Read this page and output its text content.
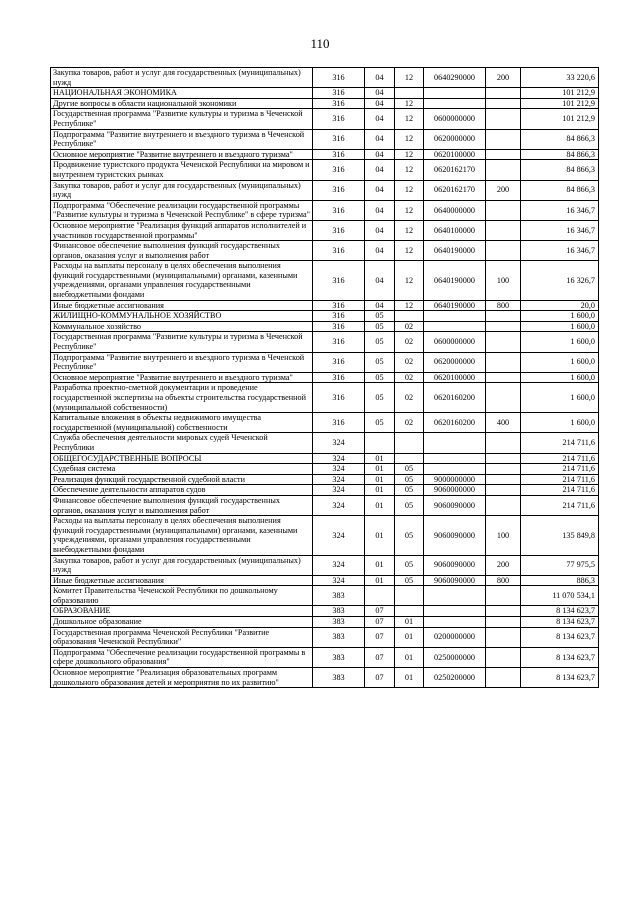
110
Закупка товаров, работ и услуг для государственных (муниципальных) нужд	316	04	12	0640290000	200	33 220,6
НАЦИОНАЛЬНАЯ ЭКОНОМИКА	316	04				101 212,9
Другие вопросы в области национальной экономики	316	04	12			101 212,9
Государственная программа "Развитие культуры и туризма в Чеченской Республике"	316	04	12	0600000000		101 212,9
Подпрограмма "Развитие внутреннего и въездного туризма в Чеченской Республике"	316	04	12	0620000000		84 866,3
Основное мероприятие "Развитие внутреннего и въездного туризма"	316	04	12	0620100000		84 866,3
Продвижение туристского продукта Чеченской Республики на мировом и внутреннем туристских рынках	316	04	12	0620162170		84 866,3
Закупка товаров, работ и услуг для государственных (муниципальных) нужд	316	04	12	0620162170	200	84 866,3
Подпрограмма "Обеспечение реализации государственной программы "Развитие культуры и туризма в Чеченской Республике" в сфере туризма"	316	04	12	0640000000		16 346,7
Основное мероприятие "Реализация функций аппаратов исполнителей и участников государственной программы"	316	04	12	0640100000		16 346,7
Финансовое обеспечение выполнения функций государственных органов, оказания услуг и выполнения работ	316	04	12	0640190000		16 346,7
Расходы на выплаты персоналу в целях обеспечения выполнения функций государственными (муниципальными) органами, казенными учреждениями, органами управления государственными внебюджетными фондами	316	04	12	0640190000	100	16 326,7
Иные бюджетные ассигнования	316	04	12	0640190000	800	20,0
ЖИЛИЩНО-КОММУНАЛЬНОЕ ХОЗЯЙСТВО	316	05				1 600,0
Коммунальное хозяйство	316	05	02			1 600,0
Государственная программа "Развитие культуры и туризма в Чеченской Республике"	316	05	02	0600000000		1 600,0
Подпрограмма "Развитие внутреннего и въездного туризма в Чеченской Республике"	316	05	02	0620000000		1 600,0
Основное мероприятие "Развитие внутреннего и въездного туризма"	316	05	02	0620100000		1 600,0
Разработка проектно-сметной документации и проведение государственной экспертизы на объекты строительства государственной (муниципальной собственности)	316	05	02	0620160200		1 600,0
Капитальные вложения в объекты недвижимого имущества государственной (муниципальной) собственности	316	05	02	0620160200	400	1 600,0
Служба обеспечения деятельности мировых судей Чеченской Республики	324					214 711,6
ОБЩЕГОСУДАРСТВЕННЫЕ ВОПРОСЫ	324	01				214 711,6
Судебная система	324	01	05			214 711,6
Реализация функций государственной судебной власти	324	01	05	9000000000		214 711,6
Обеспечение деятельности аппаратов судов	324	01	05	9060000000		214 711,6
Финансовое обеспечение выполнения функций государственных органов, оказания услуг и выполнения работ	324	01	05	9060090000		214 711,6
Расходы на выплаты персоналу в целях обеспечения выполнения функций государственными (муниципальными) органами, казенными учреждениями, органами управления государственными внебюджетными фондами	324	01	05	9060090000	100	135 849,8
Закупка товаров, работ и услуг для государственных (муниципальных) нужд	324	01	05	9060090000	200	77 975,5
Иные бюджетные ассигнования	324	01	05	9060090000	800	886,3
Комитет Правительства Чеченской Республики по дошкольному образованию	383					11 070 534,1
ОБРАЗОВАНИЕ	383	07				8 134 623,7
Дошкольное образование	383	07	01			8 134 623,7
Государственная программа Чеченской Республики "Развитие образования Чеченской Республики"	383	07	01	0200000000		8 134 623,7
Подпрограмма "Обеспечение реализации государственной программы в сфере дошкольного образования"	383	07	01	0250000000		8 134 623,7
Основное мероприятие "Реализация образовательных программ дошкольного образования детей и мероприятия по их развитию"	383	07	01	0250200000		8 134 623,7
